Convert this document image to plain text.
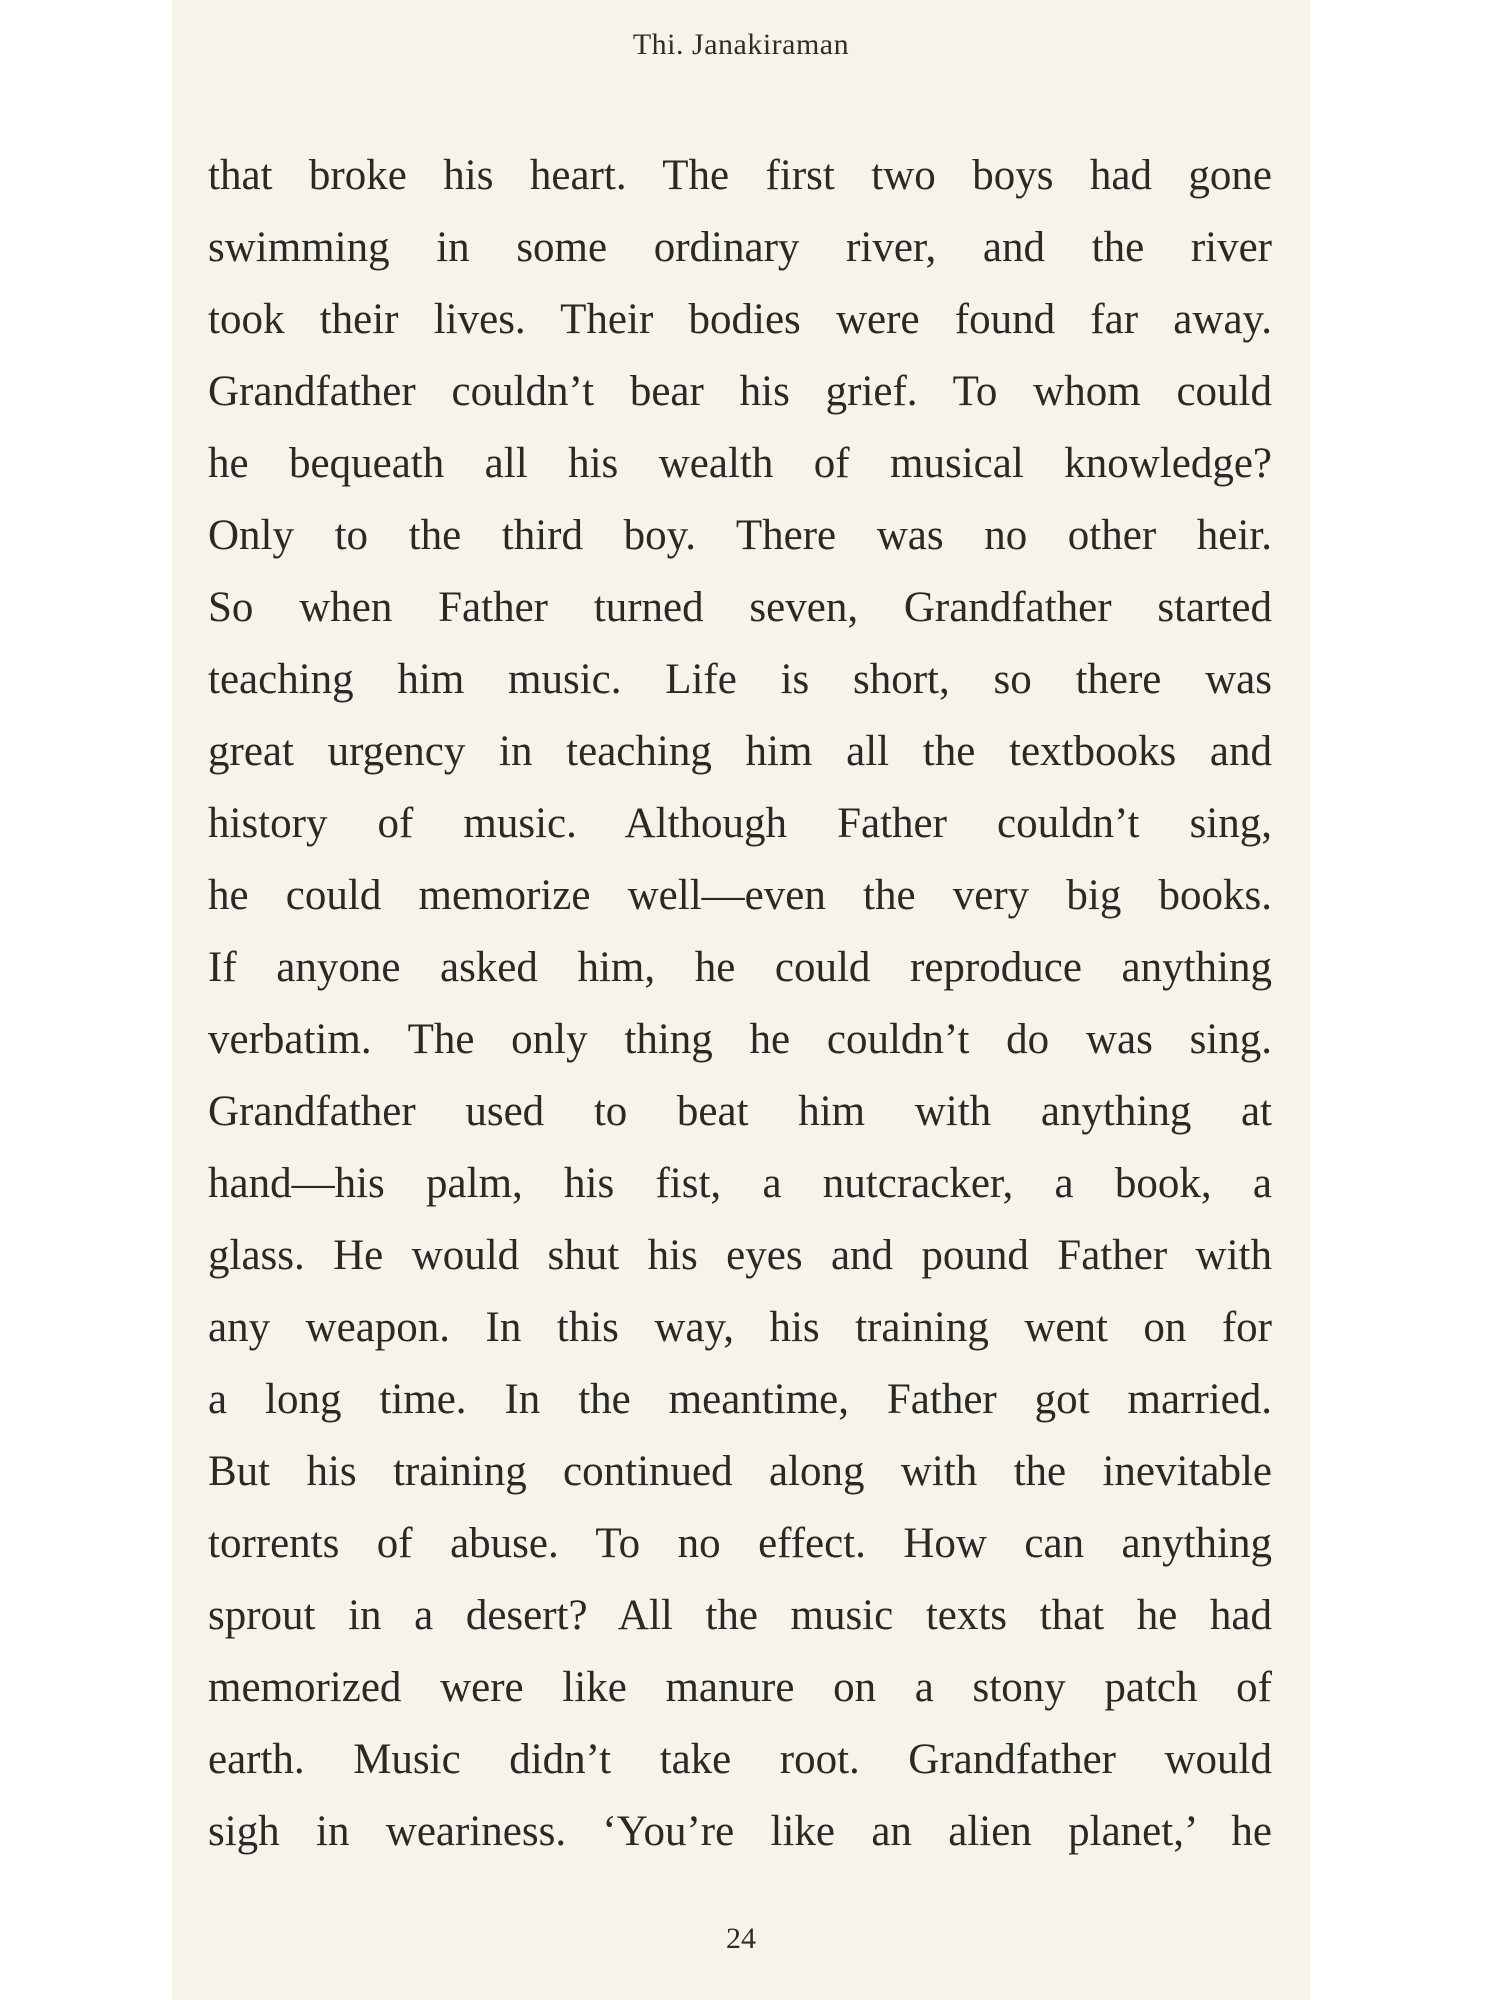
Thi. Janakiraman
that broke his heart. The first two boys had gone
swimming in some ordinary river, and the river
took their lives. Their bodies were found far away.
Grandfather couldn’t bear his grief. To whom could
he bequeath all his wealth of musical knowledge?
Only to the third boy. There was no other heir.
So when Father turned seven, Grandfather started
teaching him music. Life is short, so there was
great urgency in teaching him all the textbooks and
history of music. Although Father couldn’t sing,
he could memorize well—even the very big books.
If anyone asked him, he could reproduce anything
verbatim. The only thing he couldn’t do was sing.
Grandfather used to beat him with anything at
hand—his palm, his fist, a nutcracker, a book, a
glass. He would shut his eyes and pound Father with
any weapon. In this way, his training went on for
a long time. In the meantime, Father got married.
But his training continued along with the inevitable
torrents of abuse. To no effect. How can anything
sprout in a desert? All the music texts that he had
memorized were like manure on a stony patch of
earth. Music didn’t take root. Grandfather would
sigh in weariness. ‘You’re like an alien planet,’ he
24
